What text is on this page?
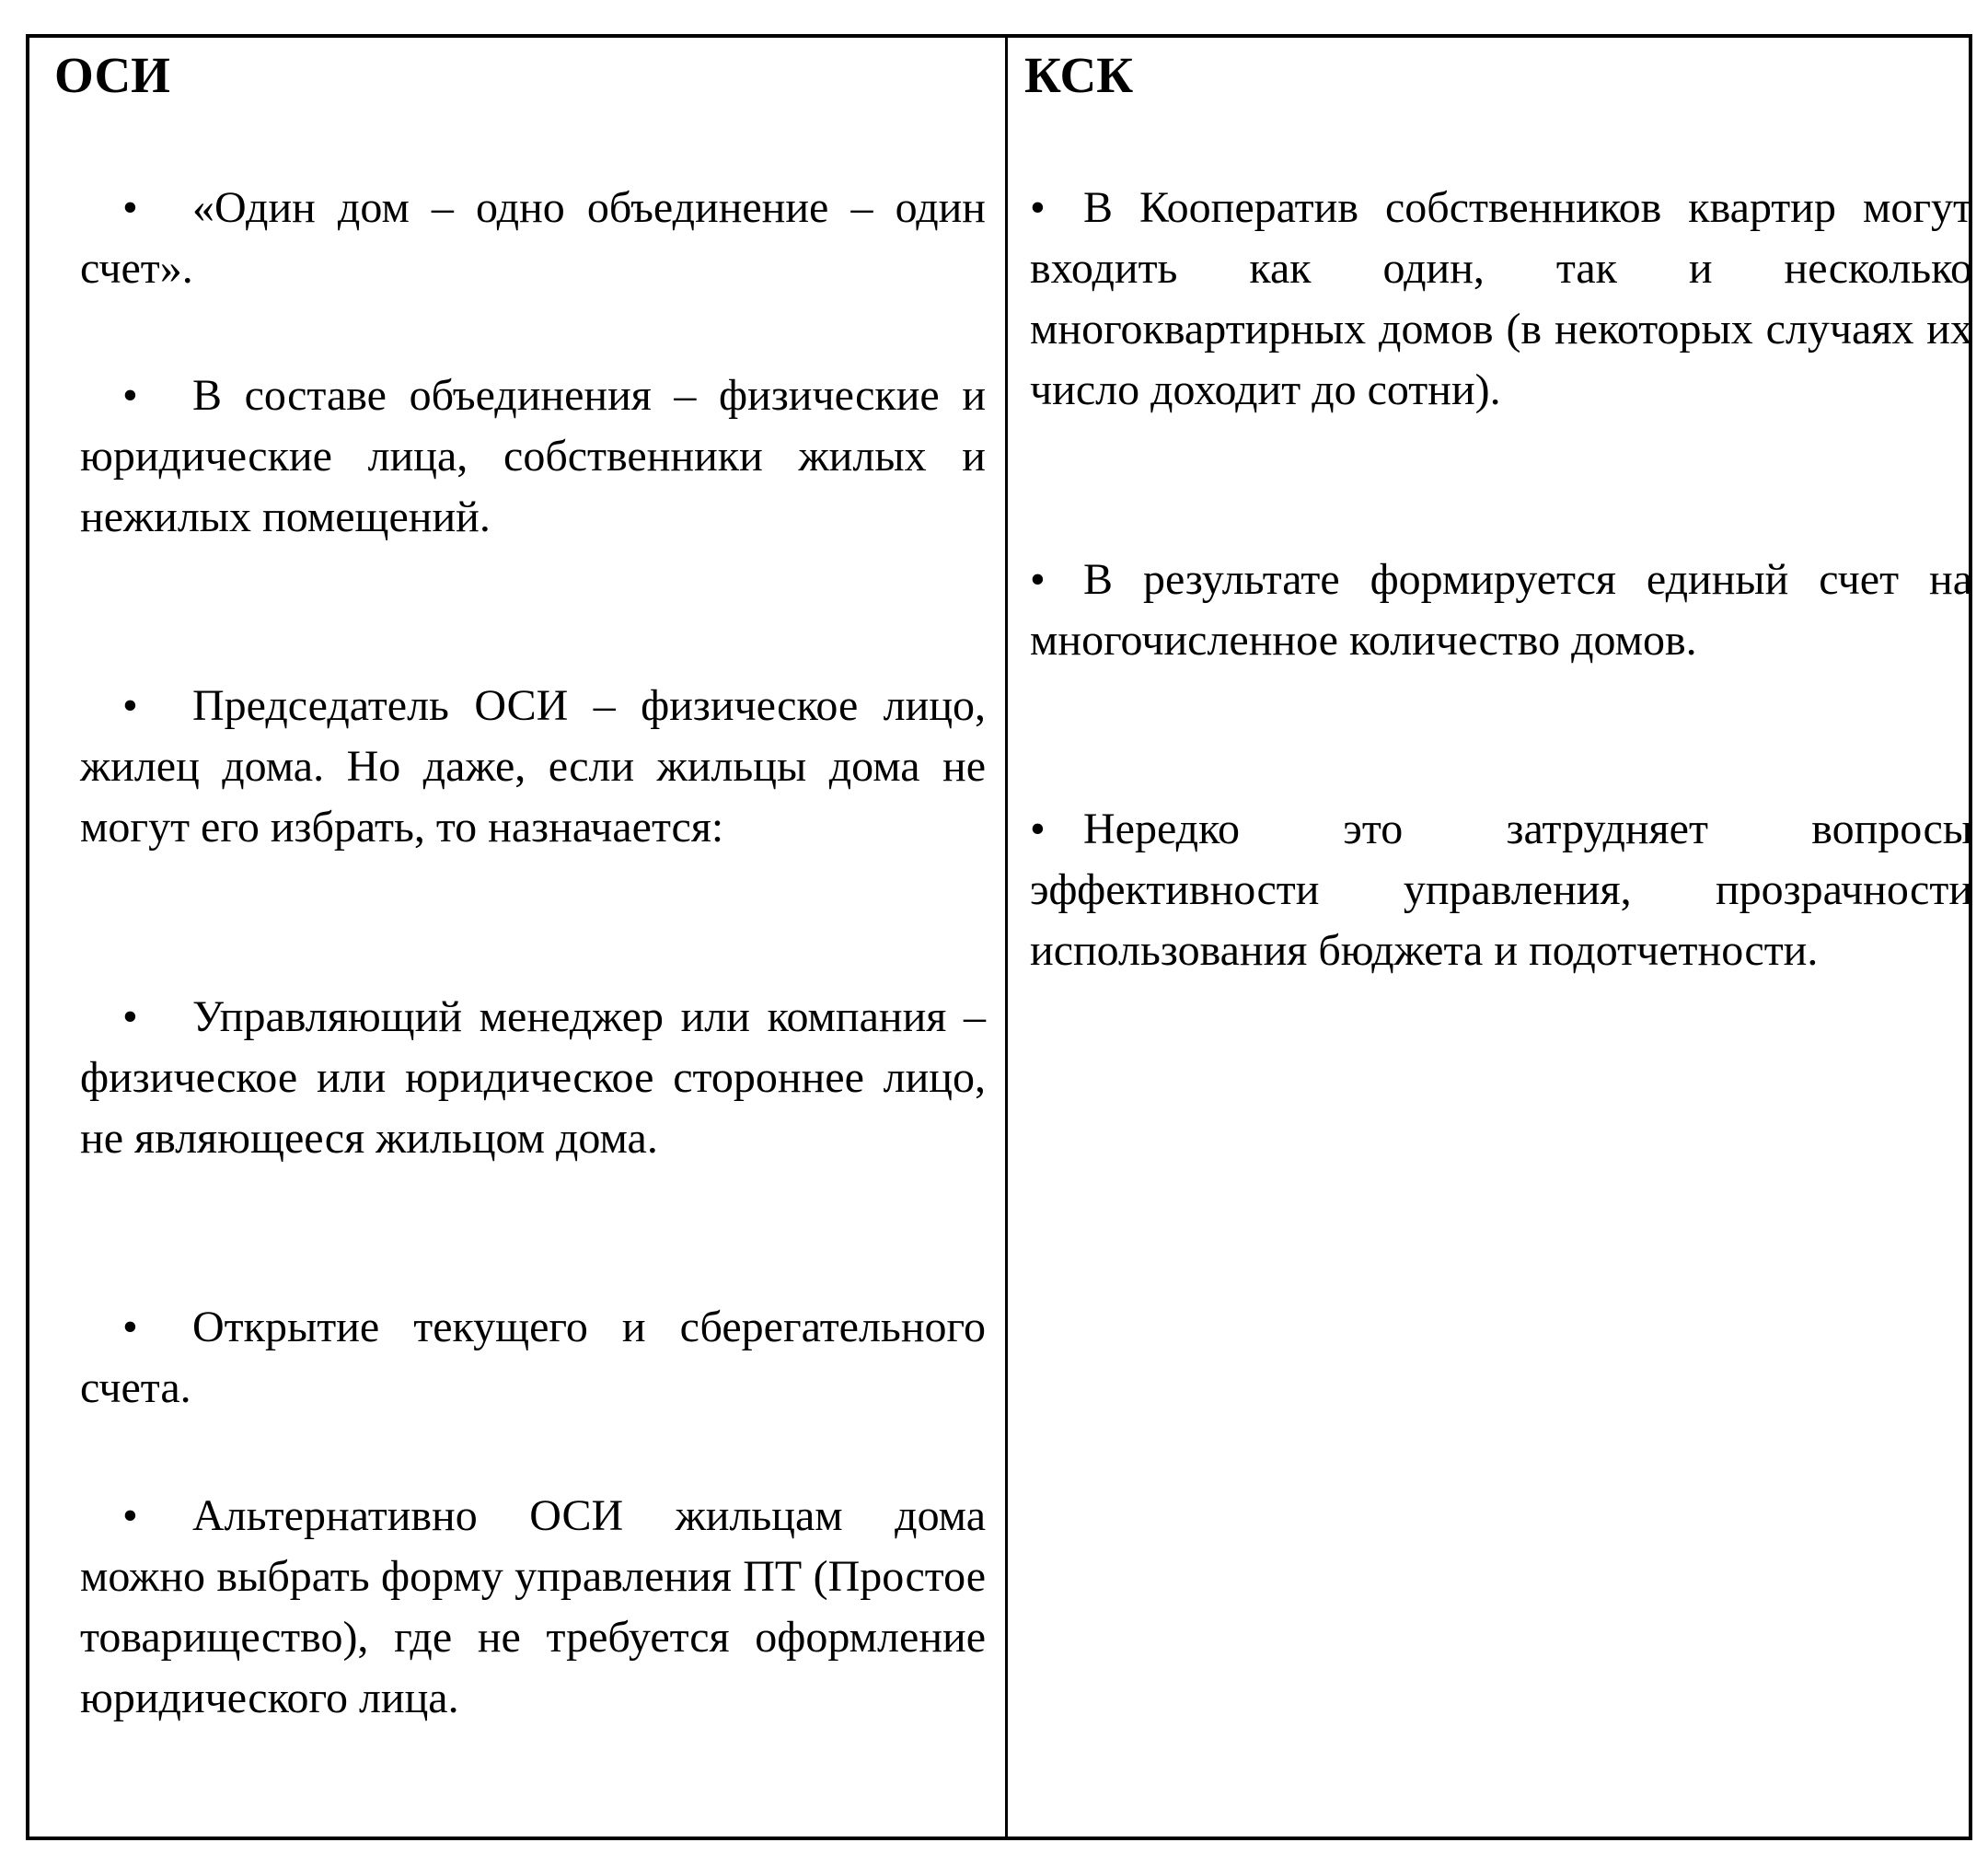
ОСИ
• «Один дом – одно объединение – один счет».
• В составе объединения – физические и юридические лица, собственники жилых и нежилых помещений.
• Председатель ОСИ – физическое лицо, жилец дома. Но даже, если жильцы дома не могут его избрать, то назначается:
• Управляющий менеджер или компания – физическое или юридическое стороннее лицо, не являющееся жильцом дома.
• Открытие текущего и сберегательного счета.
• Альтернативно ОСИ жильцам дома можно выбрать форму управления ПТ (Простое товарищество), где не требуется оформление юридического лица.
КСК
• В Кооператив собственников квартир могут входить как один, так и несколько многоквартирных домов (в некоторых случаях их число доходит до сотни).
• В результате формируется единый счет на многочисленное количество домов.
• Нередко это затрудняет вопросы эффективности управления, прозрачности использования бюджета и подотчетности.
